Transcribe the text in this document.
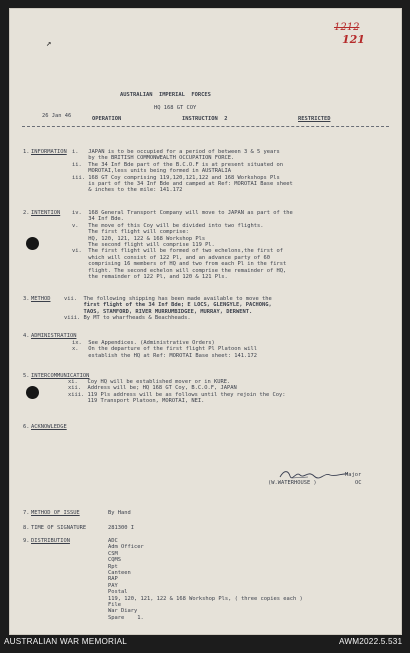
1212
121
↗
AUSTRALIAN  IMPERIAL  FORCES
26 Jan 46
HQ 168 GT COY
OPERATION	INSTRUCTION  2	RESTRICTED
1. INFORMATION i.   JAPAN is to be occupied for a period of between 3 & 5 years
by the BRITISH COMMONWEALTH OCCUPATION FORCE.
ii.  The 34 Inf Bde part of the B.C.O.F is at present situated on
MOROTAI,less units being formed in AUSTRALIA
iii. 168 GT Coy comprising 119,120,121,122 and 168 Workshops Pls
is part of the 34 Inf Bde and camped at Ref: MOROTAI Base sheet
& inches to the mile: 141.172
2. INTENTION iv.  168 General Transport Company will move to JAPAN as part of the
34 Inf Bde.
v.   The move of this Coy will be divided into two flights.
The first flight will comprise:
HQ, 120, 121, 122 & 168 Workshop Pls
The second flight will comprise 119 Pl.
vi.  The first flight will be formed of two echelons,the first of
which will consist of 122 Pl, and an advance party of 60
comprising 16 members of HQ and two from each Pl in the first
flight. The second echelon will comprise the remainder of HQ,
the remainder of 122 Pl, and 120 & 121 Pls.
3. METHOD	vii.  The following shipping has been made available to move the
first flight of the 34 Inf Bde; E LOCS, GLENGYLE, PACHONG,
TAOS, STAMFORD, RIVER MURRUMBIDGEE, MURRAY, DERWENT.
viii. By MT to wharfheads & Beachheads.
4. ADMINISTRATION
ix.  See Appendices. (Administrative Orders)
x.   On the departure of the first flight Pl Platoon will
establish the HQ at Ref: MOROTAI Base sheet: 141.172
5. INTERCOMMUNICATION
xi.   Coy HQ will be established mover or in KURE.
xii.  Address will be; HQ 168 GT Coy, B.C.O.F, JAPAN
xiii. 119 Pls address will be as follows until they rejoin the Coy:
119 Transport Platoon, MOROTAI, NEI.
6. ACKNOWLEDGE
Major
(W.WATERHOUSE )	OC
7. METHOD OF ISSUE	By Hand
8. TIME OF SIGNATURE	281300 I
9. DISTRIBUTION	ADC
Adm Officer
CSM
CQMS
Rpt
Canteen
RAP
PAY
Postal
119, 120, 121, 122 & 168 Workshop Pls, ( three copies each )
File
War Diary
Spare    1.
AUSTRALIAN WAR MEMORIAL	AWM2022.5.531
